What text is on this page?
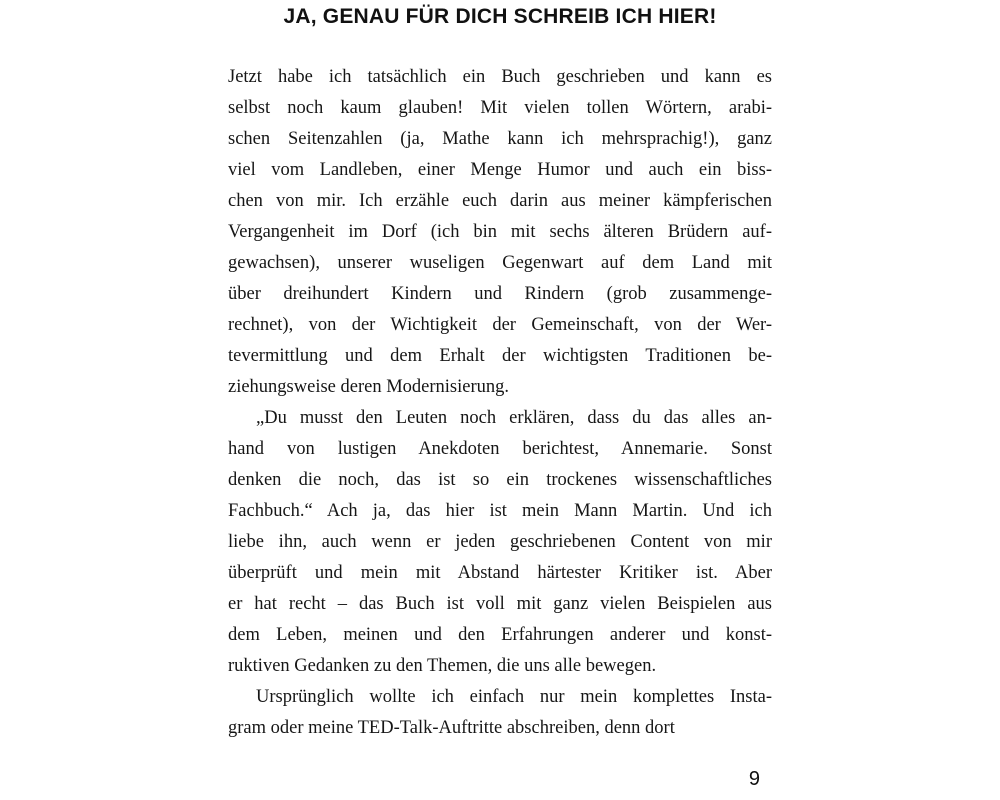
JA, GENAU FÜR DICH SCHREIB ICH HIER!
Jetzt habe ich tatsächlich ein Buch geschrieben und kann es
selbst noch kaum glauben! Mit vielen tollen Wörtern, arabi-
schen Seitenzahlen (ja, Mathe kann ich mehrsprachig!), ganz
viel vom Landleben, einer Menge Humor und auch ein biss-
chen von mir. Ich erzähle euch darin aus meiner kämpferischen
Vergangenheit im Dorf (ich bin mit sechs älteren Brüdern auf-
gewachsen), unserer wuseligen Gegenwart auf dem Land mit
über dreihundert Kindern und Rindern (grob zusammenge-
rechnet), von der Wichtigkeit der Gemeinschaft, von der Wer-
tevermittlung und dem Erhalt der wichtigsten Traditionen be-
ziehungsweise deren Modernisierung.
„Du musst den Leuten noch erklären, dass du das alles an-
hand von lustigen Anekdoten berichtest, Annemarie. Sonst
denken die noch, das ist so ein trockenes wissenschaftliches
Fachbuch.“ Ach ja, das hier ist mein Mann Martin. Und ich
liebe ihn, auch wenn er jeden geschriebenen Content von mir
überprüft und mein mit Abstand härtester Kritiker ist. Aber
er hat recht – das Buch ist voll mit ganz vielen Beispielen aus
dem Leben, meinen und den Erfahrungen anderer und konst-
ruktiven Gedanken zu den Themen, die uns alle bewegen.
Ursprünglich wollte ich einfach nur mein komplettes Insta-
gram oder meine TED-Talk-Auftritte abschreiben, denn dort
9
